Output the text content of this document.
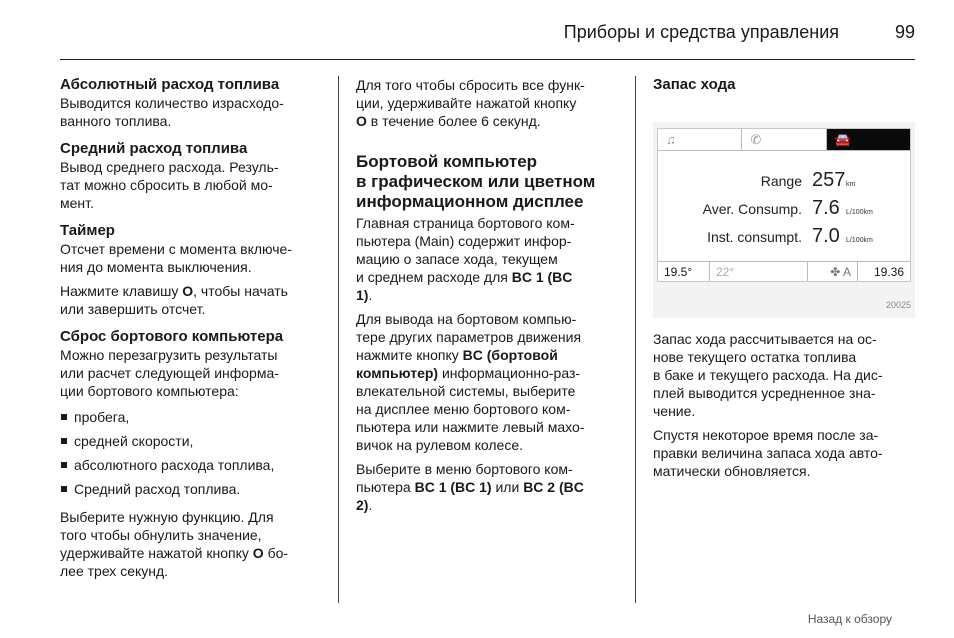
Приборы и средства управления	99
Абсолютный расход топлива
Выводится количество израсходо-
ванного топлива.
Средний расход топлива
Вывод среднего расхода. Резуль-
тат можно сбросить в любой мо-
мент.
Таймер
Отсчет времени с момента включе-
ния до момента выключения.
Нажмите клавишу O, чтобы начать
или завершить отсчет.
Сброс бортового компьютера
Можно перезагрузить результаты
или расчет следующей информа-
ции бортового компьютера:
пробега,
средней скорости,
абсолютного расхода топлива,
Средний расход топлива.
Выберите нужную функцию. Для
того чтобы обнулить значение,
удерживайте нажатой кнопку O бо-
лее трех секунд.
Для того чтобы сбросить все функ-
ции, удерживайте нажатой кнопку
O в течение более 6 секунд.
Бортовой компьютер
в графическом или цветном
информационном дисплее
Главная страница бортового ком-
пьютера (Main) содержит инфор-
мацию о запасе хода, текущем
и среднем расходе для BC 1 (BC
1).
Для вывода на бортовом компью-
тере других параметров движения
нажмите кнопку BC (бортовой
компьютер) информационно-раз-
влекательной системы, выберите
на дисплее меню бортового ком-
пьютера или нажмите левый махо-
вичок на рулевом колесе.
Выберите в меню бортового ком-
пьютера BC 1 (BC 1) или BC 2 (BC
2).
Запас хода
♫	✆	🚘
Range 257 km
Aver. Consump. 7.6 L/100km
Inst. consumpt. 7.0 L/100km
19.5°	22°	✤ A	19.36
20025
Запас хода рассчитывается на ос-
нове текущего остатка топлива
в баке и текущего расхода. На дис-
плей выводится усредненное зна-
чение.
Спустя некоторое время после за-
правки величина запаса хода авто-
матически обновляется.
Назад к обзору
